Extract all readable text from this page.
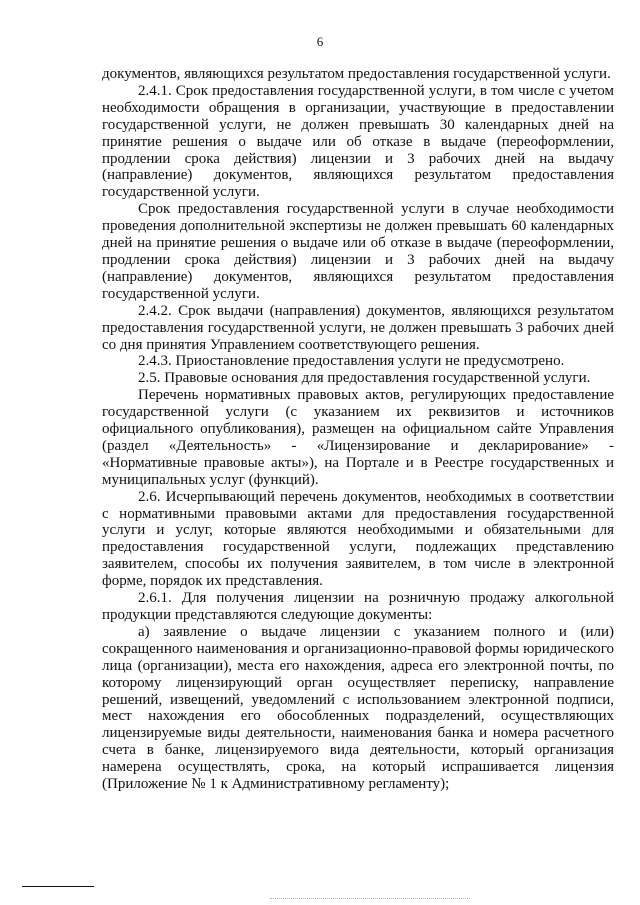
6

документов, являющихся результатом предоставления государственной услуги.

2.4.1. Срок предоставления государственной услуги, в том числе с учетом необходимости обращения в организации, участвующие в предоставлении государственной услуги, не должен превышать 30 календарных дней на принятие решения о выдаче или об отказе в выдаче (переоформлении, продлении срока действия) лицензии и 3 рабочих дней на выдачу (направление) документов, являющихся результатом предоставления государственной услуги.

Срок предоставления государственной услуги в случае необходимости проведения дополнительной экспертизы не должен превышать 60 календарных дней на принятие решения о выдаче или об отказе в выдаче (переоформлении, продлении срока действия) лицензии и 3 рабочих дней на выдачу (направление) документов, являющихся результатом предоставления государственной услуги.

2.4.2. Срок выдачи (направления) документов, являющихся результатом предоставления государственной услуги, не должен превышать 3 рабочих дней со дня принятия Управлением соответствующего решения.

2.4.3. Приостановление предоставления услуги не предусмотрено.

2.5. Правовые основания для предоставления государственной услуги.

Перечень нормативных правовых актов, регулирующих предоставление государственной услуги (с указанием их реквизитов и источников официального опубликования), размещен на официальном сайте Управления (раздел «Деятельность» - «Лицензирование и декларирование» - «Нормативные правовые акты»), на Портале и в Реестре государственных и муниципальных услуг (функций).

2.6. Исчерпывающий перечень документов, необходимых в соответствии с нормативными правовыми актами для предоставления государственной услуги и услуг, которые являются необходимыми и обязательными для предоставления государственной услуги, подлежащих представлению заявителем, способы их получения заявителем, в том числе в электронной форме, порядок их представления.

2.6.1. Для получения лицензии на розничную продажу алкогольной продукции представляются следующие документы:

а) заявление о выдаче лицензии с указанием полного и (или) сокращенного наименования и организационно-правовой формы юридического лица (организации), места его нахождения, адреса его электронной почты, по которому лицензирующий орган осуществляет переписку, направление решений, извещений, уведомлений с использованием электронной подписи, мест нахождения его обособленных подразделений, осуществляющих лицензируемые виды деятельности, наименования банка и номера расчетного счета в банке, лицензируемого вида деятельности, который организация намерена осуществлять, срока, на который испрашивается лицензия (Приложение № 1 к Административному регламенту);
